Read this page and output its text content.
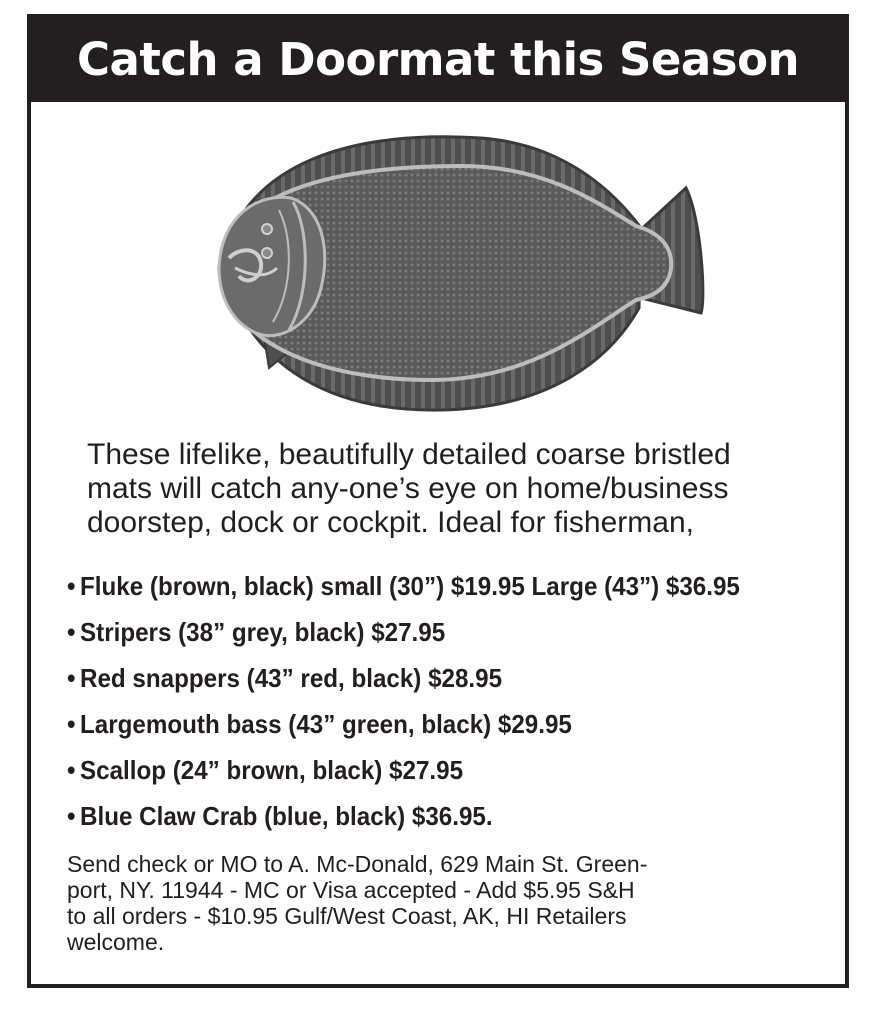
Catch a Doormat this Season
These lifelike, beautifully detailed coarse bristled
mats will catch any-one’s eye on home/business
doorstep, dock or cockpit. Ideal for fisherman,
• Fluke (brown, black) small (30”) $19.95 Large (43”) $36.95
• Stripers (38” grey, black) $27.95
• Red snappers (43” red, black) $28.95
• Largemouth bass (43” green, black) $29.95
• Scallop (24” brown, black) $27.95
• Blue Claw Crab (blue, black) $36.95.
Send check or MO to A. Mc-Donald, 629 Main St. Green-
port, NY. 11944 - MC or Visa accepted - Add $5.95 S&H
to all orders - $10.95 Gulf/West Coast, AK, HI Retailers
welcome.
